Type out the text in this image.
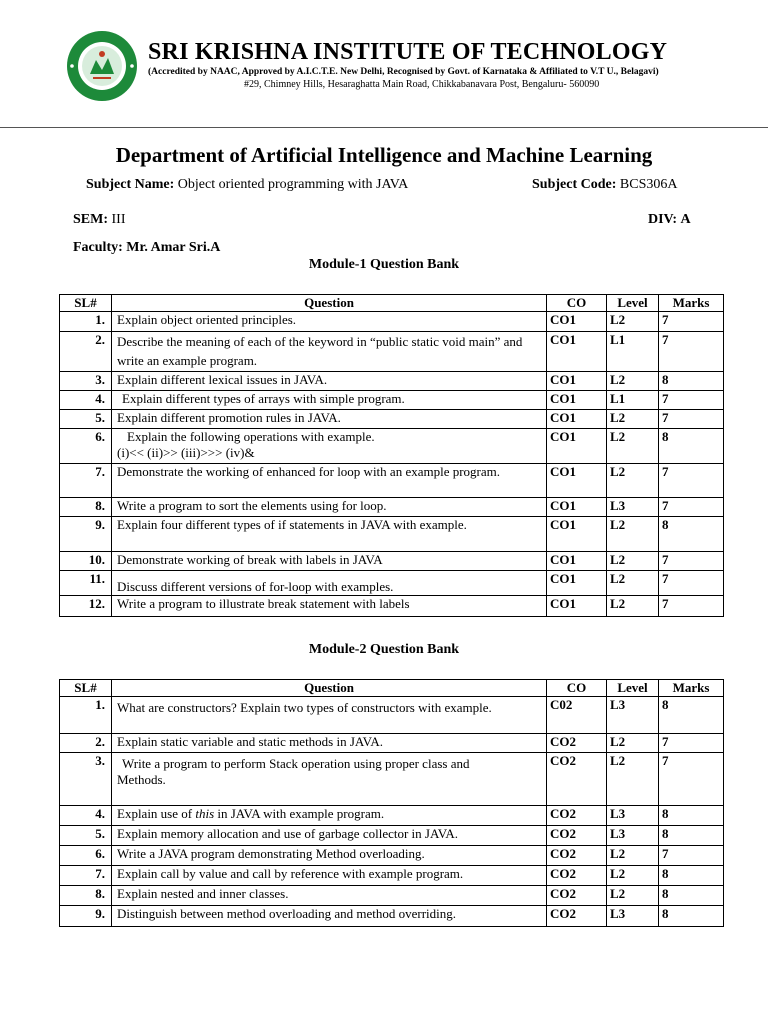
SRI KRISHNA INSTITUTE OF TECHNOLOGY
(Accredited by NAAC, Approved by A.I.C.T.E. New Delhi, Recognised by Govt. of Karnataka & Affiliated to V.T U., Belagavi)
#29, Chimney Hills, Hesaraghatta Main Road, Chikkabanavara Post, Bengaluru- 560090
Department of Artificial Intelligence and Machine Learning
Subject Name: Object oriented programming with JAVA	Subject Code: BCS306A
SEM: III	DIV: A
Faculty: Mr. Amar Sri.A
Module-1 Question Bank
SL#	Question	CO	Level	Marks
1.	Explain object oriented principles.	CO1	L2	7
2.	Describe the meaning of each of the keyword in “public static void main” and write an example program.	CO1	L1	7
3.	Explain different lexical issues in JAVA.	CO1	L2	8
4.	Explain different types of arrays with simple program.	CO1	L1	7
5.	Explain different promotion rules in JAVA.	CO1	L2	7
6.	Explain the following operations with example.
(i)<< (ii)>> (iii)>>> (iv)&	CO1	L2	8
7.	Demonstrate the working of enhanced for loop with an example program.	CO1	L2	7
8.	Write a program to sort the elements using for loop.	CO1	L3	7
9.	Explain four different types of if statements in JAVA with example.	CO1	L2	8
10.	Demonstrate working of break with labels in JAVA	CO1	L2	7
11.	Discuss different versions of for-loop with examples.	CO1	L2	7
12.	Write a program to illustrate break statement with labels	CO1	L2	7
Module-2 Question Bank
SL#	Question	CO	Level	Marks
1.	What are constructors? Explain two types of constructors with example.	C02	L3	8
2.	Explain static variable and static methods in JAVA.	CO2	L2	7
3.	Write a program to perform Stack operation using proper class and
Methods.	CO2	L2	7
4.	Explain use of this in JAVA with example program.	CO2	L3	8
5.	Explain memory allocation and use of garbage collector in JAVA.	CO2	L3	8
6.	Write a JAVA program demonstrating Method overloading.	CO2	L2	7
7.	Explain call by value and call by reference with example program.	CO2	L2	8
8.	Explain nested and inner classes.	CO2	L2	8
9.	Distinguish between method overloading and method overriding.	CO2	L3	8
